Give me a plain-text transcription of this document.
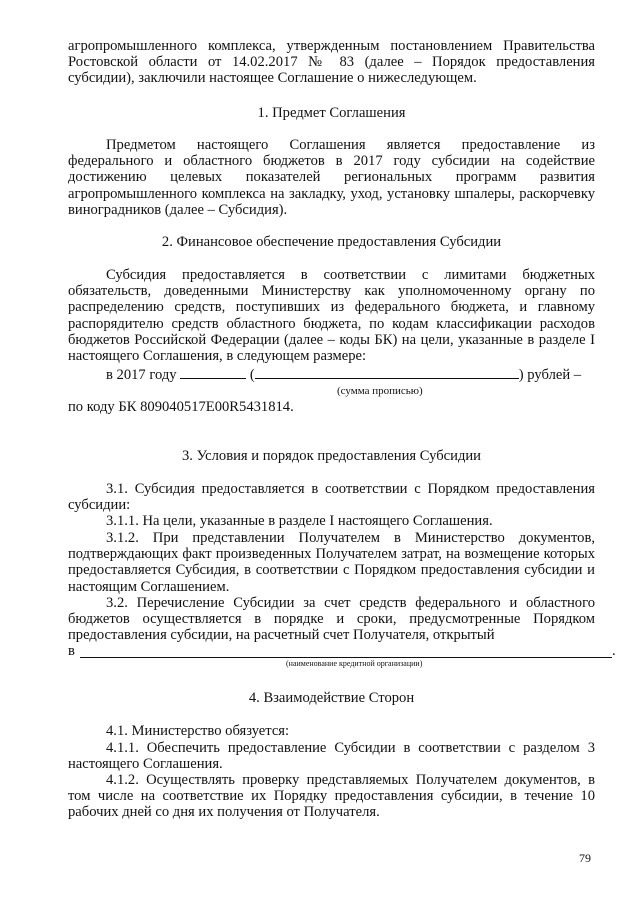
агропромышленного комплекса, утвержденным постановлением Правительства Ростовской области от 14.02.2017 № 83 (далее – Порядок предоставления субсидии), заключили настоящее Соглашение о нижеследующем.

1. Предмет Соглашения

Предметом настоящего Соглашения является предоставление из федерального и областного бюджетов в 2017 году субсидии на содействие достижению целевых показателей региональных программ развития агропромышленного комплекса на закладку, уход, установку шпалеры, раскорчевку виноградников (далее – Субсидия).

2. Финансовое обеспечение предоставления Субсидии

Субсидия предоставляется в соответствии с лимитами бюджетных обязательств, доведенными Министерству как уполномоченному органу по распределению средств, поступивших из федерального бюджета, и главному распорядителю средств областного бюджета, по кодам классификации расходов бюджетов Российской Федерации (далее – коды БК) на цели, указанные в разделе I настоящего Соглашения, в следующем размере:

в 2017 году	(	) рублей –
(сумма прописью)
по коду БК 809040517E00R5431814.

3. Условия и порядок предоставления Субсидии

3.1. Субсидия предоставляется в соответствии с Порядком предоставления субсидии:

3.1.1. На цели, указанные в разделе I настоящего Соглашения.

3.1.2. При представлении Получателем в Министерство документов, подтверждающих факт произведенных Получателем затрат, на возмещение которых предоставляется Субсидия, в соответствии с Порядком предоставления субсидии и настоящим Соглашением.

3.2. Перечисление Субсидии за счет средств федерального и областного бюджетов осуществляется в порядке и сроки, предусмотренные Порядком предоставления субсидии, на расчетный счет Получателя, открытый

в	.
(наименование кредитной организации)

4. Взаимодействие Сторон

4.1. Министерство обязуется:

4.1.1. Обеспечить предоставление Субсидии в соответствии с разделом 3 настоящего Соглашения.

4.1.2. Осуществлять проверку представляемых Получателем документов, в том числе на соответствие их Порядку предоставления субсидии, в течение 10 рабочих дней со дня их получения от Получателя.

79
